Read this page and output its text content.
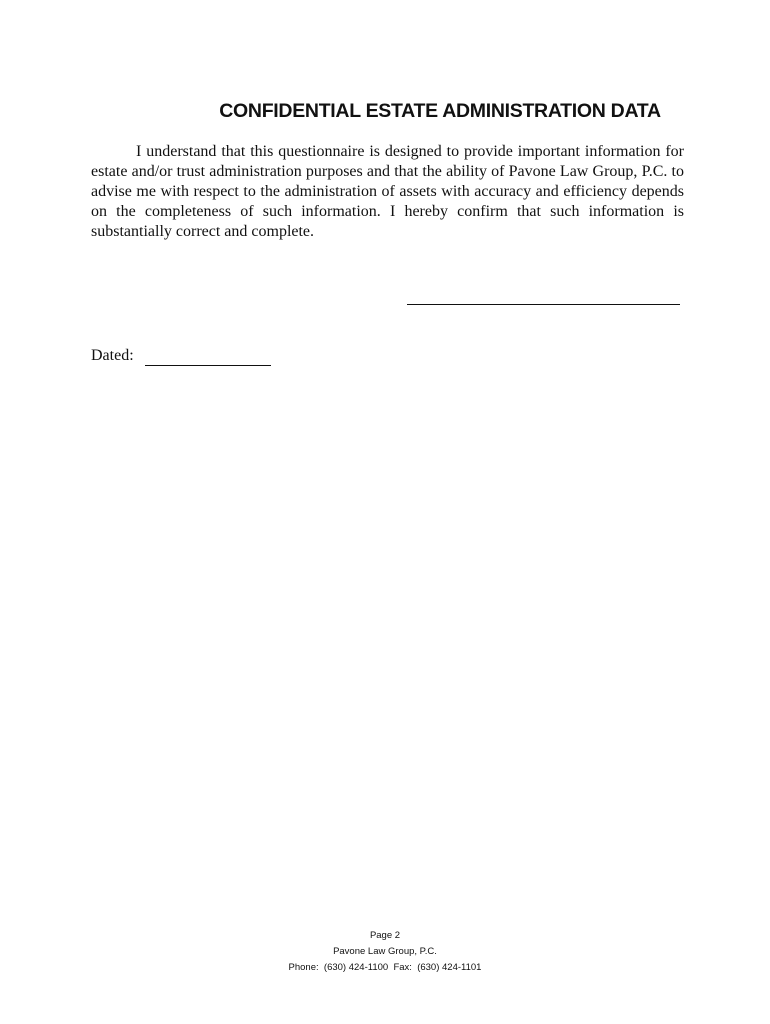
CONFIDENTIAL ESTATE ADMINISTRATION DATA
I understand that this questionnaire is designed to provide important information for estate and/or trust administration purposes and that the ability of Pavone Law Group, P.C. to advise me with respect to the administration of assets with accuracy and efficiency depends on the completeness of such information. I hereby confirm that such information is substantially correct and complete.
Dated:
Page 2
Pavone Law Group, P.C.
Phone:  (630) 424-1100  Fax:  (630) 424-1101
